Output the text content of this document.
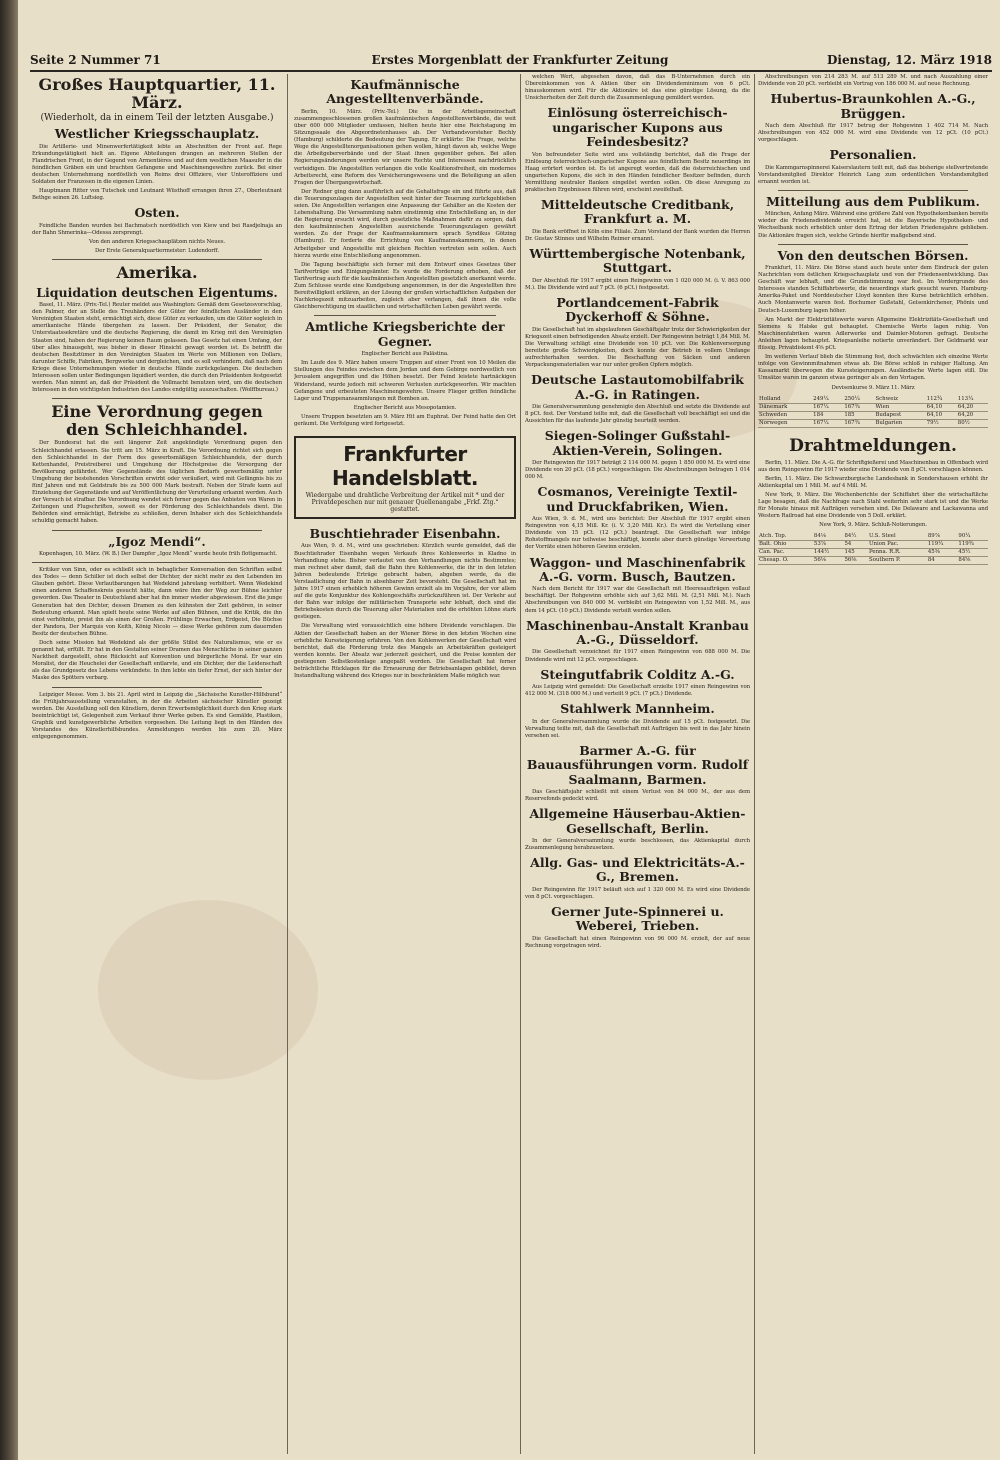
Seite 2 Nummer 71	Erstes Morgenblatt der Frankfurter Zeitung	Dienstag, 12. März 1918
Großes Hauptquartier, 11. März.
(Wiederholt, da in einem Teil der letzten Ausgabe.)
Westlicher Kriegsschauplatz.

Die Artillerie- und Minenwerfertätigkeit lebte an Abschnitten der Front auf. Rege Erkundungstätigkeit hielt an. Eigene Abteilungen drangen an mehreren Stellen der Flandrischen Front, in der Gegend von Armentières und auf dem westlichen Maasufer in die feindlichen Gräben ein und brachten Gefangene und Maschinengewehre zurück. Bei einer deutschen Unternehmung nordöstlich von Reims drei Offiziere, vier Unteroffiziere und Soldaten der Franzosen in die eigenen Linien.

Hauptmann Ritter von Tutschek und Leutnant Wüsthoff errangen ihren 27., Oberleutnant Bethge seinen 26. Luftsieg.

Osten.

Feindliche Banden wurden bei Bachmatsch nordöstlich von Kiew und bei Rasdjelnaja an der Bahn Shmerinka—Odessa zersprengt.

Von den anderen Kriegsschauplätzen nichts Neues.

Der Erste Generalquartiermeister: Ludendorff.

Amerika.
Liquidation deutschen Eigentums.

Basel, 11. März. (Priv.-Tel.) Reuter meldet aus Washington: Gemäß dem Gesetzesvorschlag, den Palmer, der an Stelle des Treuhänders der Güter der feindlichen Ausländer in den Vereinigten Staaten steht, ermächtigt sich, diese Güter zu verkaufen, um die Güter sogleich in amerikanische Hände übergehen zu lassen. Der Präsident, der Senator, die Unterstaatssekretäre und die deutsche Regierung, die damit im Krieg mit den Vereinigten Staaten sind, haben der Regierung keinen Raum gelassen. Das Gesetz hat einen Umfang, der über alles hinausgeht, was bisher in dieser Hinsicht gewagt worden ist. Es betrifft die deutschen Besitztümer in den Vereinigten Staaten im Werte von Millionen von Dollars, darunter Schiffe, Fabriken, Bergwerke und dergleichen, und es soll verhindern, daß nach dem Kriege diese Unternehmungen wieder in deutsche Hände zurückgelangen. Die deutschen Interessen sollen unter Bedingungen liquidiert werden, die durch den Präsidenten festgesetzt werden. Man nimmt an, daß der Präsident die Vollmacht benutzen wird, um die deutschen Interessen in den wichtigsten Industrien des Landes endgültig auszuschalten. (Wolffbureau.)

Eine Verordnung gegen den Schleichhandel.

Der Bundesrat hat die seit längerer Zeit angekündigte Verordnung gegen den Schleichhandel erlassen. Sie tritt am 15. März in Kraft. Die Verordnung richtet sich gegen den Schleichhandel in der Form des gewerbsmäßigen Schleichhandels, der durch Kettenhandel, Preistreiberei und Umgehung der Höchstpreise die Versorgung der Bevölkerung gefährdet. Wer Gegenstände des täglichen Bedarfs gewerbsmäßig unter Umgehung der bestehenden Vorschriften erwirbt oder veräußert, wird mit Gefängnis bis zu fünf Jahren und mit Geldstrafe bis zu 500 000 Mark bestraft. Neben der Strafe kann auf Einziehung der Gegenstände und auf Veröffentlichung der Verurteilung erkannt werden. Auch der Versuch ist strafbar. Die Verordnung wendet sich ferner gegen das Anbieten von Waren in Zeitungen und Flugschriften, soweit es der Förderung des Schleichhandels dient. Die Behörden sind ermächtigt, Betriebe zu schließen, deren Inhaber sich des Schleichhandels schuldig gemacht haben.

„Igoz Mendi“.

Kopenhagen, 10. März. (W. B.) Der Dampfer „Igoz Mendi“ wurde heute früh flottgemacht.

Kritiker von Sinn, oder es schließt sich in behaglicher Konversation den Schriften selbst des Todes — denn Schiller ist doch selbst der Dichter, der nicht mehr zu den Lebenden im Glauben gehört. Diese Verlautbarungen hat Wedekind jahrelang verbittert. Wenn Wedekind einen anderen Schaffenskreis gesucht hätte, dann wäre ihm der Weg zur Bühne leichter geworden. Das Theater in Deutschland aber hat ihn immer wieder abgewiesen. Erst die junge Generation hat den Dichter, dessen Dramen zu den kühnsten der Zeit gehören, in seiner Bedeutung erkannt. Man spielt heute seine Werke auf allen Bühnen, und die Kritik, die ihn einst verhöhnte, preist ihn als einen der Großen. Frühlings Erwachen, Erdgeist, Die Büchse der Pandora, Der Marquis von Keith, König Nicolo — diese Werke gehören zum dauernden Besitz der deutschen Bühne.

Doch seine Mission hat Wedekind als der größte Stilist des Naturalismus, wie er es genannt hat, erfüllt. Er hat in den Gestalten seiner Dramen das Menschliche in seiner ganzen Nacktheit dargestellt, ohne Rücksicht auf Konvention und bürgerliche Moral. Er war ein Moralist, der die Heuchelei der Gesellschaft entlarvte, und ein Dichter, der die Leidenschaft als das Grundgesetz des Lebens verkündete. In ihm lebte ein tiefer Ernst, der sich hinter der Maske des Spötters verbarg.

Leipziger Messe. Vom 3. bis 21. April wird in Leipzig die „Sächsische Kunstler-Hilfsbund“ die Frühjahrsausstellung veranstalten, in der die Arbeiten sächsischer Künstler gezeigt werden. Die Ausstellung soll den Künstlern, deren Erwerbsmöglichkeit durch den Krieg stark beeinträchtigt ist, Gelegenheit zum Verkauf ihrer Werke geben. Es sind Gemälde, Plastiken, Graphik und kunstgewerbliche Arbeiten vorgesehen. Die Leitung liegt in den Händen des Vorstandes des Künstlerhilfsbundes. Anmeldungen werden bis zum 20. März entgegengenommen.

Kaufmännische Angestelltenverbände.

Berlin, 10. März. (Priv.-Tel.) Die in der Arbeitsgemeinschaft zusammengeschlossenen großen kaufmännischen Angestelltenverbände, die weit über 600 000 Mitglieder umfassen, hielten heute hier eine Reichstagung im Sitzungssaale des Abgeordnetenhauses ab. Der Verbandsvorsteher Bechly (Hamburg) schilderte die Bedeutung der Tagung. Er erklärte: Die Frage, welche Wege die Angestelltenorganisationen gehen wollen, hängt davon ab, welche Wege die Arbeitgeberverbände und der Staat ihnen gegenüber gehen. Bei allen Regierungsänderungen werden wir unsere Rechte und Interessen nachdrücklich verteidigen. Die Angestellten verlangen die volle Koalitionsfreiheit, ein modernes Arbeitsrecht, eine Reform des Versicherungswesens und die Beteiligung an allen Fragen der Übergangswirtschaft.

Der Redner ging dann ausführlich auf die Gehaltsfrage ein und führte aus, daß die Teuerungszulagen der Angestellten weit hinter der Teuerung zurückgeblieben seien. Die Angestellten verlangen eine Anpassung der Gehälter an die Kosten der Lebenshaltung. Die Versammlung nahm einstimmig eine Entschließung an, in der die Regierung ersucht wird, durch gesetzliche Maßnahmen dafür zu sorgen, daß den kaufmännischen Angestellten ausreichende Teuerungszulagen gewährt werden. Zu der Frage der Kaufmannskammern sprach Syndikus Götzing (Hamburg). Er forderte die Errichtung von Kaufmannskammern, in denen Arbeitgeber und Angestellte mit gleichen Rechten vertreten sein sollen. Auch hierzu wurde eine Entschließung angenommen.

Die Tagung beschäftigte sich ferner mit dem Entwurf eines Gesetzes über Tarifverträge und Einigungsämter. Es wurde die Forderung erhoben, daß der Tarifvertrag auch für die kaufmännischen Angestellten gesetzlich anerkannt werde. Zum Schlusse wurde eine Kundgebung angenommen, in der die Angestellten ihre Bereitwilligkeit erklären, an der Lösung der großen wirtschaftlichen Aufgaben der Nachkriegszeit mitzuarbeiten, zugleich aber verlangen, daß ihnen die volle Gleichberechtigung im staatlichen und wirtschaftlichen Leben gewährt werde.

Amtliche Kriegsberichte der Gegner.

Englischer Bericht aus Palästina.

Im Laufe des 9. März haben unsere Truppen auf einer Front von 10 Meilen die Stellungen des Feindes zwischen dem Jordan und dem Gebirge nordwestlich von Jerusalem angegriffen und die Höhen besetzt. Der Feind leistete hartnäckigen Widerstand, wurde jedoch mit schweren Verlusten zurückgeworfen. Wir machten Gefangene und erbeuteten Maschinengewehre. Unsere Flieger griffen feindliche Lager und Truppenansammlungen mit Bomben an.

Englischer Bericht aus Mesopotamien.

Unsere Truppen besetzten am 9. März Hit am Euphrat. Der Feind hatte den Ort geräumt. Die Verfolgung wird fortgesetzt.

Frankfurter Handelsblatt.
Wiedergabe und drahtliche Verbreitung der Artikel mit * und der Privatdepeschen nur mit genauer Quellenangabe „Frkf. Ztg.“ gestattet.
Buschtiehrader Eisenbahn.

Aus Wien, 9. d. M., wird uns geschrieben: Kürzlich wurde gemeldet, daß die Buschtiehrader Eisenbahn wegen Verkaufs ihres Kohlenwerks in Kladno in Verhandlung stehe. Bisher verlautet von den Verhandlungen nichts Bestimmtes; man rechnet aber damit, daß die Bahn ihre Kohlenwerke, die ihr in den letzten Jahren bedeutende Erträge gebracht haben, abgeben werde, da die Verstaatlichung der Bahn in absehbarer Zeit bevorsteht. Die Gesellschaft hat im Jahre 1917 einen erheblich höheren Gewinn erzielt als im Vorjahre, der vor allem auf die gute Konjunktur des Kohlengeschäfts zurückzuführen ist. Der Verkehr auf der Bahn war infolge der militärischen Transporte sehr lebhaft, doch sind die Betriebskosten durch die Teuerung aller Materialien und die erhöhten Löhne stark gestiegen.

Die Verwaltung wird voraussichtlich eine höhere Dividende vorschlagen. Die Aktien der Gesellschaft haben an der Wiener Börse in den letzten Wochen eine erhebliche Kurssteigerung erfahren. Von den Kohlenwerken der Gesellschaft wird berichtet, daß die Förderung trotz des Mangels an Arbeitskräften gesteigert werden konnte. Der Absatz war jederzeit gesichert, und die Preise konnten der gestiegenen Selbstkostenlage angepaßt werden. Die Gesellschaft hat ferner beträchtliche Rücklagen für die Erneuerung der Betriebsanlagen gebildet, deren Instandhaltung während des Krieges nur in beschränktem Maße möglich war.

welchen Wert, abgesehen davon, daß das B-Unternehmen durch ein Übereinkommen von A Aktien über ein Dividendeminimum von 6 pCt. hinauskommen wird. Für die Aktionäre ist das eine günstige Lösung, da die Unsicherheiten der Zeit durch die Zusammenlegung gemildert werden.

Einlösung österreichisch-ungarischer Kupons aus Feindesbesitz?

Von befreundeter Seite wird uns vollständig berichtet, daß die Frage der Einlösung österreichisch-ungarischer Kupons aus feindlichem Besitz neuerdings im Haag erörtert worden ist. Es ist angeregt worden, daß die österreichischen und ungarischen Kupons, die sich in den Händen feindlicher Besitzer befinden, durch Vermittlung neutraler Banken eingelöst werden sollen. Ob diese Anregung zu praktischen Ergebnissen führen wird, erscheint zweifelhaft.

Mitteldeutsche Creditbank, Frankfurt a. M.

Die Bank eröffnet in Köln eine Filiale. Zum Vorstand der Bank wurden die Herren Dr. Gustav Stinnes und Wilhelm Reimer ernannt.

Württembergische Notenbank, Stuttgart.

Der Abschluß für 1917 ergibt einen Reingewinn von 1 020 000 M. (i. V. 863 000 M.). Die Dividende wird auf 7 pCt. (6 pCt.) festgesetzt.

Portlandcement-Fabrik Dyckerhoff & Söhne.

Die Gesellschaft hat im abgelaufenen Geschäftsjahr trotz der Schwierigkeiten der Kriegszeit einen befriedigenden Absatz erzielt. Der Reingewinn beträgt 1,84 Mill. M. Die Verwaltung schlägt eine Dividende von 10 pCt. vor. Die Kohlenversorgung bereitete große Schwierigkeiten, doch konnte der Betrieb in vollem Umfange aufrechterhalten werden. Die Beschaffung von Säcken und anderen Verpackungsmaterialien war nur unter großen Opfern möglich.

Deutsche Lastautomobilfabrik A.-G. in Ratingen.

Die Generalversammlung genehmigte den Abschluß und setzte die Dividende auf 8 pCt. fest. Der Vorstand teilte mit, daß die Gesellschaft voll beschäftigt sei und die Aussichten für das laufende Jahr günstig beurteilt werden.

Siegen-Solinger Gußstahl-Aktien-Verein, Solingen.

Der Reingewinn für 1917 beträgt 2 114 000 M. gegen 1 850 000 M. Es wird eine Dividende von 20 pCt. (18 pCt.) vorgeschlagen. Die Abschreibungen betragen 1 014 000 M.

Cosmanos, Vereinigte Textil- und Druckfabriken, Wien.

Aus Wien, 9. d. M., wird uns berichtet: Der Abschluß für 1917 ergibt einen Reingewinn von 4,15 Mill. Kr. (i. V. 3,20 Mill. Kr.). Es wird die Verteilung einer Dividende von 15 pCt. (12 pCt.) beantragt. Die Gesellschaft war infolge Rohstoffmangels nur teilweise beschäftigt, konnte aber durch günstige Verwertung der Vorräte einen höheren Gewinn erzielen.

Waggon- und Maschinenfabrik A.-G. vorm. Busch, Bautzen.

Nach dem Bericht für 1917 war die Gesellschaft mit Heeresaufträgen vollauf beschäftigt. Der Rohgewinn erhöhte sich auf 3,62 Mill. M. (2,51 Mill. M.). Nach Abschreibungen von 840 000 M. verbleibt ein Reingewinn von 1,52 Mill. M., aus dem 14 pCt. (10 pCt.) Dividende verteilt werden sollen.

Maschinenbau-Anstalt Kranbau A.-G., Düsseldorf.

Die Gesellschaft verzeichnet für 1917 einen Reingewinn von 688 000 M. Die Dividende wird mit 12 pCt. vorgeschlagen.

Steingutfabrik Colditz A.-G.

Aus Leipzig wird gemeldet: Die Gesellschaft erzielte 1917 einen Reingewinn von 412 000 M. (318 000 M.) und verteilt 9 pCt. (7 pCt.) Dividende.

Stahlwerk Mannheim.

In der Generalversammlung wurde die Dividende auf 15 pCt. festgesetzt. Die Verwaltung teilte mit, daß die Gesellschaft mit Aufträgen bis weit in das Jahr hinein versehen sei.

Barmer A.-G. für Bauausführungen vorm. Rudolf Saalmann, Barmen.

Das Geschäftsjahr schließt mit einem Verlust von 84 000 M., der aus dem Reservefonds gedeckt wird.

Allgemeine Häuserbau-Aktien-Gesellschaft, Berlin.

In der Generalversammlung wurde beschlossen, das Aktienkapital durch Zusammenlegung herabzusetzen.

Allg. Gas- und Elektricitäts-A.-G., Bremen.

Der Reingewinn für 1917 beläuft sich auf 1 320 000 M. Es wird eine Dividende von 8 pCt. vorgeschlagen.

Gerner Jute-Spinnerei u. Weberei, Trieben.

Die Gesellschaft hat einen Reingewinn von 96 000 M. erzielt, der auf neue Rechnung vorgetragen wird.

Abschreibungen von 214 283 M. auf 513 289 M. und nach Auszahlung einer Dividende von 20 pCt. verbleibt ein Vortrag von 186 000 M. auf neue Rechnung.

Hubertus-Braunkohlen A.-G., Brüggen.

Nach dem Abschluß für 1917 betrug der Rohgewinn 1 402 714 M. Nach Abschreibungen von 452 000 M. wird eine Dividende von 12 pCt. (10 pCt.) vorgeschlagen.

Personalien.

Die Kammgarnspinnerei Kaiserslautern teilt mit, daß das bisherige stellvertretende Vorstandsmitglied Direktor Heinrich Lang zum ordentlichen Vorstandsmitglied ernannt worden ist.

Mitteilung aus dem Publikum.

München, Anfang März. Während eine größere Zahl von Hypothekenbanken bereits wieder die Friedensdividende erreicht hat, ist die Bayerische Hypotheken- und Wechselbank noch erheblich unter dem Ertrag der letzten Friedensjahre geblieben. Die Aktionäre fragen sich, welche Gründe hierfür maßgebend sind.

Von den deutschen Börsen.

Frankfurt, 11. März. Die Börse stand auch heute unter dem Eindruck der guten Nachrichten vom östlichen Kriegsschauplatz und von der Friedensentwicklung. Das Geschäft war lebhaft, und die Grundstimmung war fest. Im Vordergrunde des Interesses standen Schiffahrtswerte, die neuerdings stark gesucht waren. Hamburg-Amerika-Paket und Norddeutscher Lloyd konnten ihre Kurse beträchtlich erhöhen. Auch Montanwerte waren fest. Bochumer Gußstahl, Gelsenkirchener, Phönix und Deutsch-Luxemburg lagen höher.

Am Markt der Elektrizitätswerte waren Allgemeine Elektrizitäts-Gesellschaft und Siemens & Halske gut behauptet. Chemische Werte lagen ruhig. Von Maschinenfabriken waren Adlerwerke und Daimler-Motoren gefragt. Deutsche Anleihen lagen behauptet. Kriegsanleihe notierte unverändert. Der Geldmarkt war flüssig. Privatdiskont 4⅝ pCt.

Im weiteren Verlauf blieb die Stimmung fest, doch schwächten sich einzelne Werte infolge von Gewinnmitnahmen etwas ab. Die Börse schloß in ruhiger Haltung. Am Kassamarkt überwogen die Kurssteigerungen. Ausländische Werte lagen still. Die Umsätze waren im ganzen etwas geringer als an den Vortagen.

Devisenkurse 9. März 11. März

Holland	249¼	250¼	Schweiz	112¾	113¼
Dänemark	167¼	167¾	Wien	64,10	64,20
Schweden	184	185	Budapest	64,10	64,20
Norwegen	167¼	167¾	Bulgarien	79½	80½
Drahtmeldungen.

Berlin, 11. März. Die A.-G. für Schriftgießerei und Maschinenbau in Offenbach wird aus dem Reingewinn für 1917 wieder eine Dividende von 8 pCt. vorschlagen können.

Berlin, 11. März. Die Schwarzburgische Landesbank in Sondershausen erhöht ihr Aktienkapital um 1 Mill. M. auf 4 Mill. M.

New York, 9. März. Die Wochenberichte der Schiffahrt über die wirtschaftliche Lage besagen, daß die Nachfrage nach Stahl weiterhin sehr stark ist und die Werke für Monate hinaus mit Aufträgen versehen sind. Die Delaware and Lackawanna and Western Railroad hat eine Dividende von 5 Doll. erklärt.

New York, 9. März. Schluß-Notierungen.

Atch. Top.	84⅛	84½	U.S. Steel	89⅞	90¼
Balt. Ohio	53⅞	54	Union Pac.	119¼	119¾
Can. Pac.	144½	145	Penna. R.R.	45⅜	45½
Chesap. O.	56⅛	56⅜	Southern P.	84	84⅝
